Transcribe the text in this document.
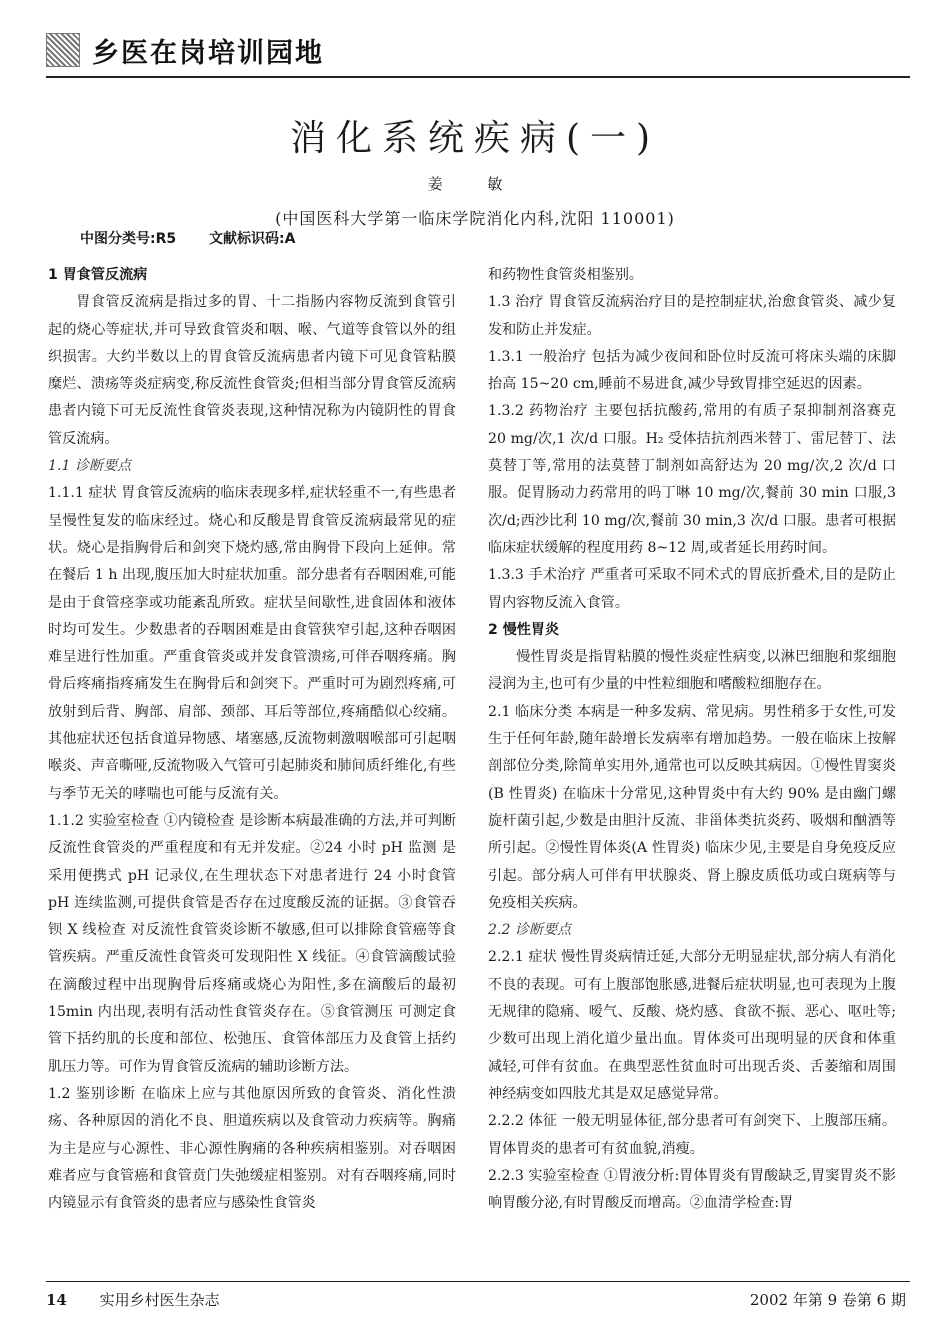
乡医在岗培训园地
消化系统疾病(一)
姜 敏
(中国医科大学第一临床学院消化内科,沈阳 110001)
中图分类号:R5 文献标识码:A

1 胃食管反流病

胃食管反流病是指过多的胃、十二指肠内容物反流到食管引起的烧心等症状,并可导致食管炎和咽、喉、气道等食管以外的组织损害。大约半数以上的胃食管反流病患者内镜下可见食管粘膜糜烂、溃疡等炎症病变,称反流性食管炎;但相当部分胃食管反流病患者内镜下可无反流性食管炎表现,这种情况称为内镜阴性的胃食管反流病。

1.1 诊断要点

1.1.1 症状 胃食管反流病的临床表现多样,症状轻重不一,有些患者呈慢性复发的临床经过。烧心和反酸是胃食管反流病最常见的症状。烧心是指胸骨后和剑突下烧灼感,常由胸骨下段向上延伸。常在餐后 1 h 出现,腹压加大时症状加重。部分患者有吞咽困难,可能是由于食管痉挛或功能紊乱所致。症状呈间歇性,进食固体和液体时均可发生。少数患者的吞咽困难是由食管狭窄引起,这种吞咽困难呈进行性加重。严重食管炎或并发食管溃疡,可伴吞咽疼痛。胸骨后疼痛指疼痛发生在胸骨后和剑突下。严重时可为剧烈疼痛,可放射到后背、胸部、肩部、颈部、耳后等部位,疼痛酷似心绞痛。其他症状还包括食道异物感、堵塞感,反流物刺激咽喉部可引起咽喉炎、声音嘶哑,反流物吸入气管可引起肺炎和肺间质纤维化,有些与季节无关的哮喘也可能与反流有关。

1.1.2 实验室检查 ①内镜检查 是诊断本病最准确的方法,并可判断反流性食管炎的严重程度和有无并发症。②24 小时 pH 监测 是采用便携式 pH 记录仪,在生理状态下对患者进行 24 小时食管 pH 连续监测,可提供食管是否存在过度酸反流的证据。③食管吞钡 X 线检查 对反流性食管炎诊断不敏感,但可以排除食管癌等食管疾病。严重反流性食管炎可发现阳性 X 线征。④食管滴酸试验 在滴酸过程中出现胸骨后疼痛或烧心为阳性,多在滴酸后的最初 15min 内出现,表明有活动性食管炎存在。⑤食管测压 可测定食管下括约肌的长度和部位、松弛压、食管体部压力及食管上括约肌压力等。可作为胃食管反流病的辅助诊断方法。

1.2 鉴别诊断 在临床上应与其他原因所致的食管炎、消化性溃疡、各种原因的消化不良、胆道疾病以及食管动力疾病等。胸痛为主是应与心源性、非心源性胸痛的各种疾病相鉴别。对吞咽困难者应与食管癌和食管贲门失弛缓症相鉴别。对有吞咽疼痛,同时内镜显示有食管炎的患者应与感染性食管炎

和药物性食管炎相鉴别。

1.3 治疗 胃食管反流病治疗目的是控制症状,治愈食管炎、减少复发和防止并发症。

1.3.1 一般治疗 包括为减少夜间和卧位时反流可将床头端的床脚抬高 15~20 cm,睡前不易进食,减少导致胃排空延迟的因素。

1.3.2 药物治疗 主要包括抗酸药,常用的有质子泵抑制剂洛赛克 20 mg/次,1 次/d 口服。H₂ 受体拮抗剂西米替丁、雷尼替丁、法莫替丁等,常用的法莫替丁制剂如高舒达为 20 mg/次,2 次/d 口服。促胃肠动力药常用的吗丁啉 10 mg/次,餐前 30 min 口服,3 次/d;西沙比利 10 mg/次,餐前 30 min,3 次/d 口服。患者可根据临床症状缓解的程度用药 8~12 周,或者延长用药时间。

1.3.3 手术治疗 严重者可采取不同术式的胃底折叠术,目的是防止胃内容物反流入食管。

2 慢性胃炎

慢性胃炎是指胃粘膜的慢性炎症性病变,以淋巴细胞和浆细胞浸润为主,也可有少量的中性粒细胞和嗜酸粒细胞存在。

2.1 临床分类 本病是一种多发病、常见病。男性稍多于女性,可发生于任何年龄,随年龄增长发病率有增加趋势。一般在临床上按解剖部位分类,除简单实用外,通常也可以反映其病因。①慢性胃窦炎(B 性胃炎) 在临床十分常见,这种胃炎中有大约 90% 是由幽门螺旋杆菌引起,少数是由胆汁反流、非甾体类抗炎药、吸烟和酗酒等所引起。②慢性胃体炎(A 性胃炎) 临床少见,主要是自身免疫反应引起。部分病人可伴有甲状腺炎、肾上腺皮质低功或白斑病等与免疫相关疾病。

2.2 诊断要点

2.2.1 症状 慢性胃炎病情迁延,大部分无明显症状,部分病人有消化不良的表现。可有上腹部饱胀感,进餐后症状明显,也可表现为上腹无规律的隐痛、嗳气、反酸、烧灼感、食欲不振、恶心、呕吐等;少数可出现上消化道少量出血。胃体炎可出现明显的厌食和体重减轻,可伴有贫血。在典型恶性贫血时可出现舌炎、舌萎缩和周围神经病变如四肢尤其是双足感觉异常。

2.2.2 体征 一般无明显体征,部分患者可有剑突下、上腹部压痛。胃体胃炎的患者可有贫血貌,消瘦。

2.2.3 实验室检查 ①胃液分析:胃体胃炎有胃酸缺乏,胃窦胃炎不影响胃酸分泌,有时胃酸反而增高。②血清学检查:胃

14 实用乡村医生杂志	2002 年第 9 卷第 6 期
